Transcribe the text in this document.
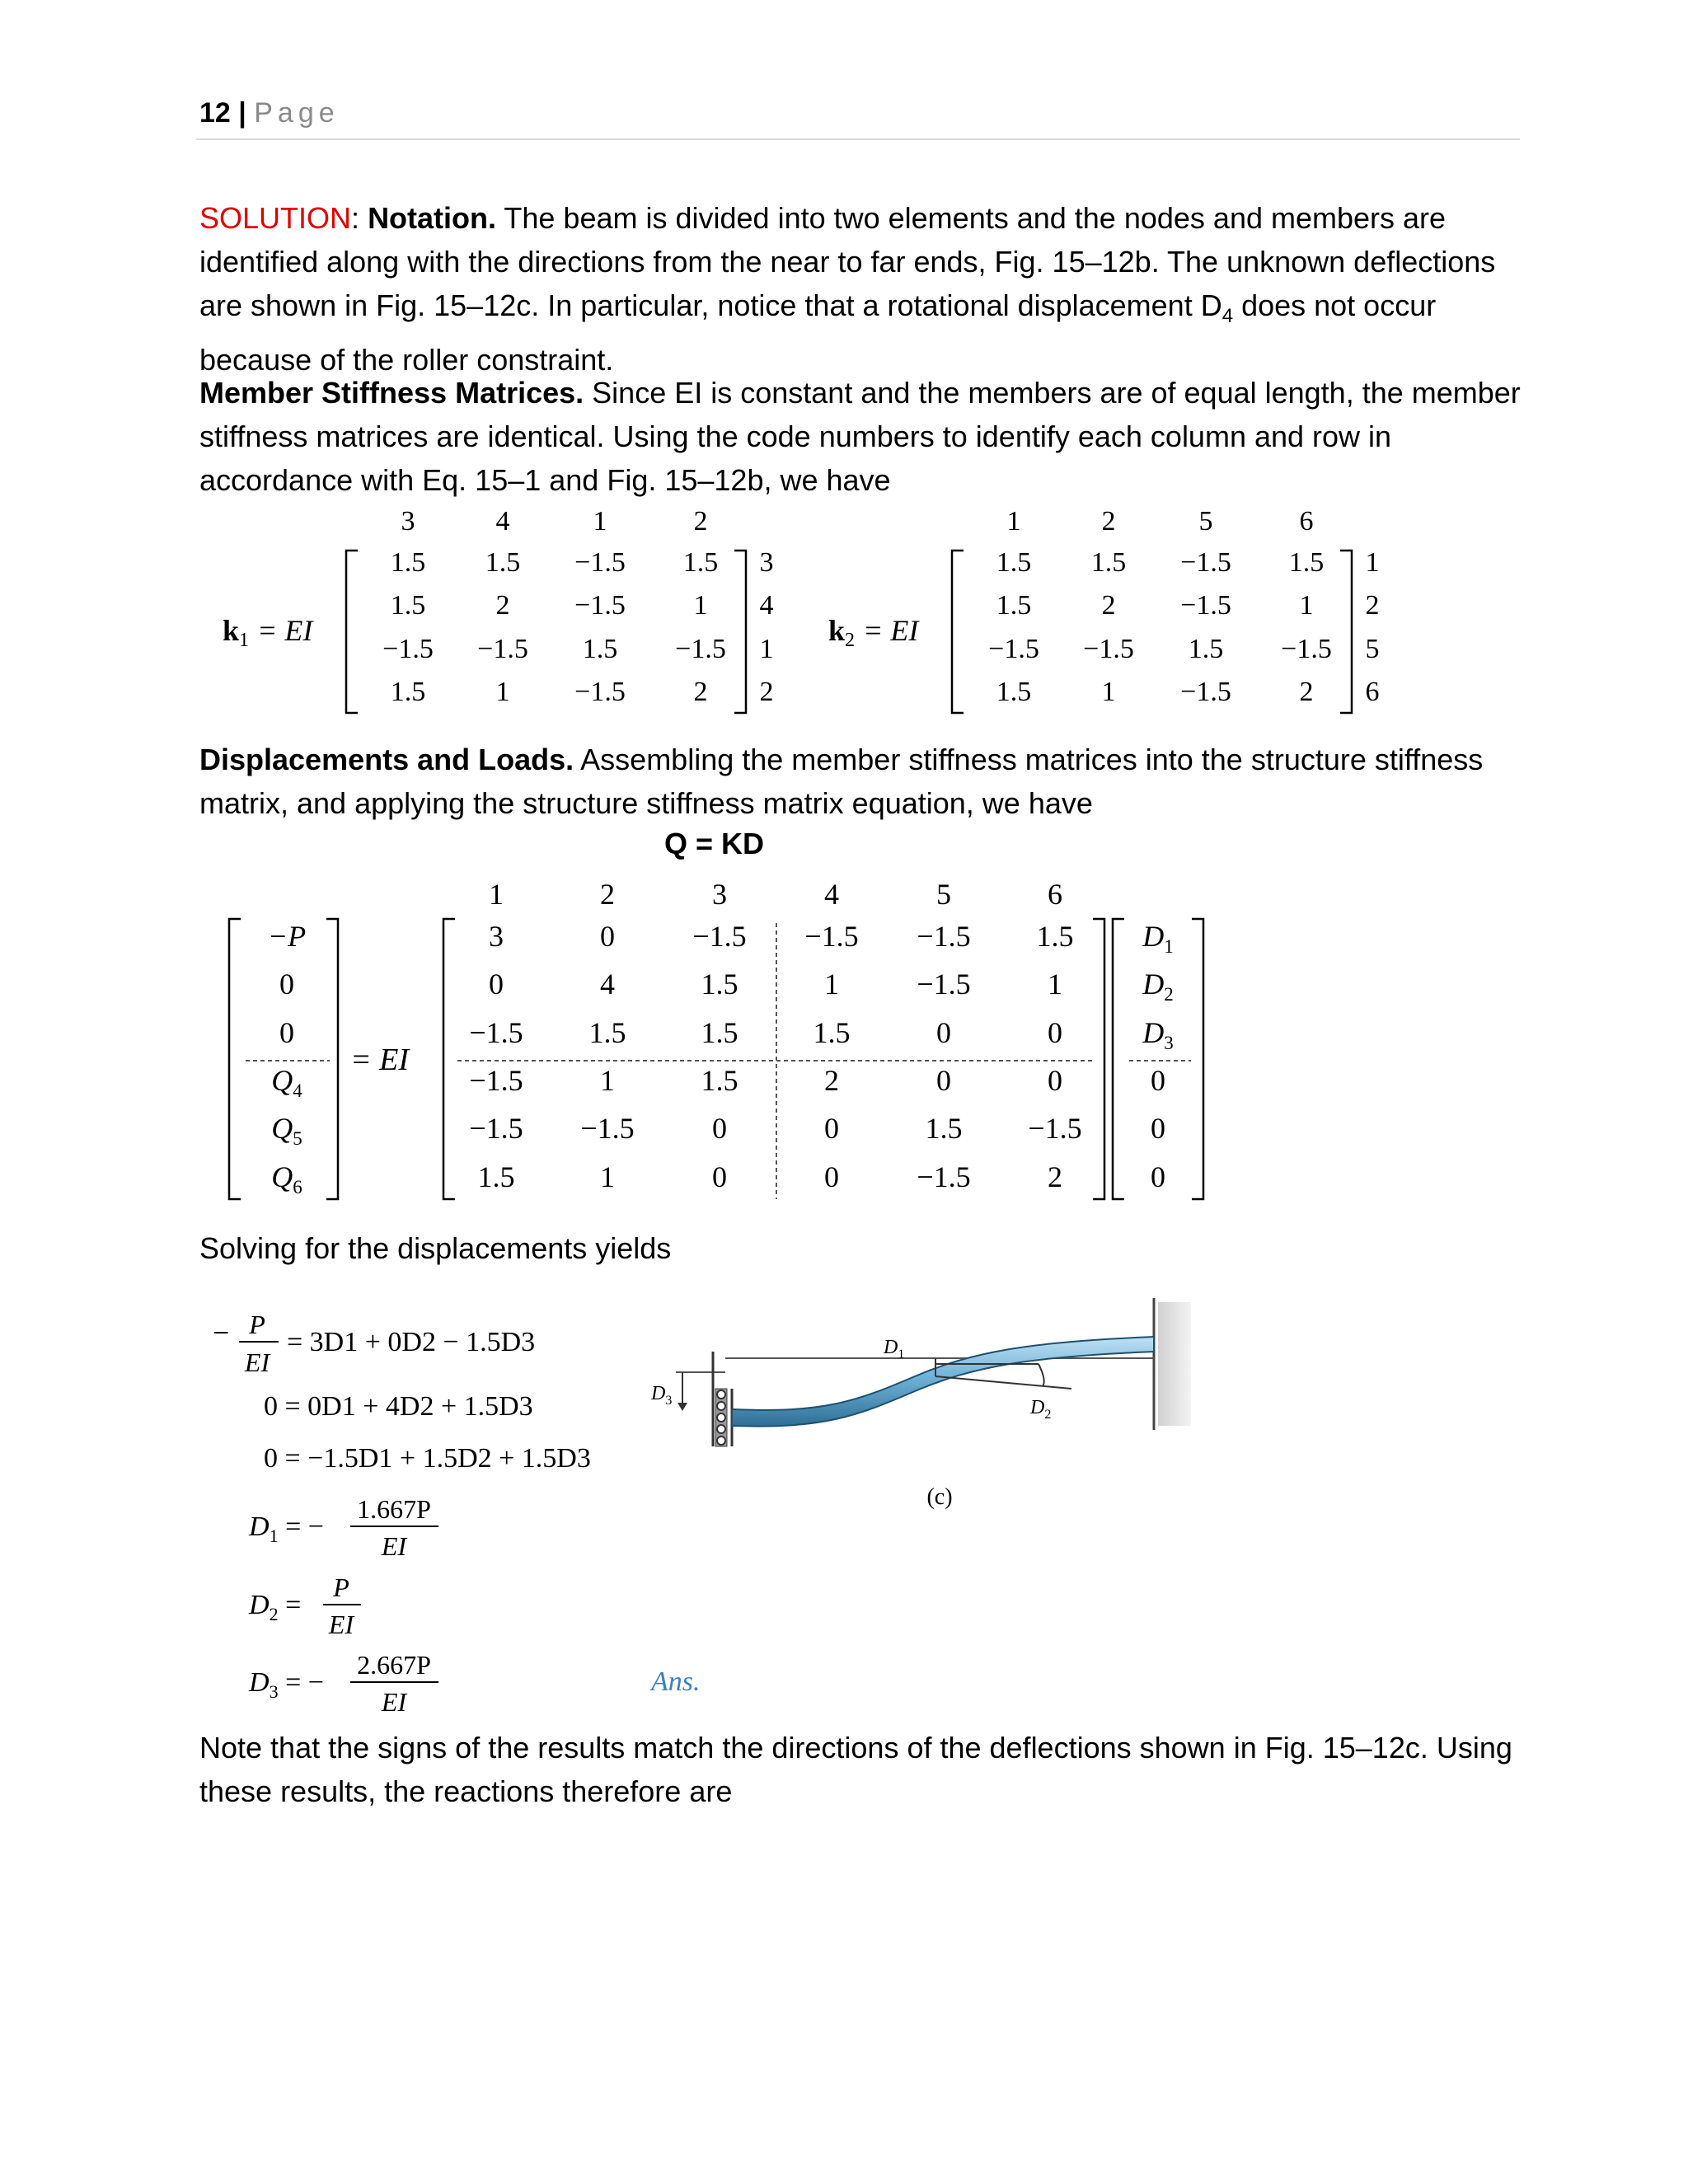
12 | Page
SOLUTION: Notation. The beam is divided into two elements and the nodes and members are identified along with the directions from the near to far ends, Fig. 15–12b. The unknown deflections are shown in Fig. 15–12c. In particular, notice that a rotational displacement $D_4$ does not occur because of the roller constraint.
Member Stiffness Matrices. Since EI is constant and the members are of equal length, the member stiffness matrices are identical. Using the code numbers to identify each column and row in accordance with Eq. 15–1 and Fig. 15–12b, we have
k1 = EI
3	4	1	2
1.5 1.5 −1.5 1.5
1.5	2 −1.5 1
−1.5 −1.5 1.5 −1.5
1.5	1 −1.5 2
3
4
1
2
k2 = EI
1	2	5	6
1.5 1.5 −1.5 1.5
1.5	2 −1.5 1
−1.5 −1.5 1.5 −1.5
1.5	1 −1.5 2
1
2
5
6
Displacements and Loads. Assembling the member stiffness matrices into the structure stiffness matrix, and applying the structure stiffness matrix equation, we have
Q = KD
−P
0
0
$Q_4$
$Q_5$
$Q_6$
= EI
1	2	3	4	5	6
3	0	−1.5 −1.5 −1.5 1.5
0	4	1.5	1	−1.5	1
−1.5 1.5	1.5	1.5	0	0
−1.5	1	1.5	2	0	0
−1.5 −1.5	0	0	1.5 −1.5
1.5	1	0	0	−1.5	2
$D_1$
$D_2$
$D_3$
0
0
0
Solving for the displacements yields
− P
EI
= 3D1 + 0D2 − 1.5D3
0 = 0D1 + 4D2 + 1.5D3
0 = −1.5D1 + 1.5D2 + 1.5D3
$D_1$ = −
1.667P
EI
$D_2$ =
P
EI
$D_3$ = −
2.667P
EI
Ans.
$D_3$
$D_1$
$D_2$
(c)
Note that the signs of the results match the directions of the deflections shown in Fig. 15–12c. Using these results, the reactions therefore are
